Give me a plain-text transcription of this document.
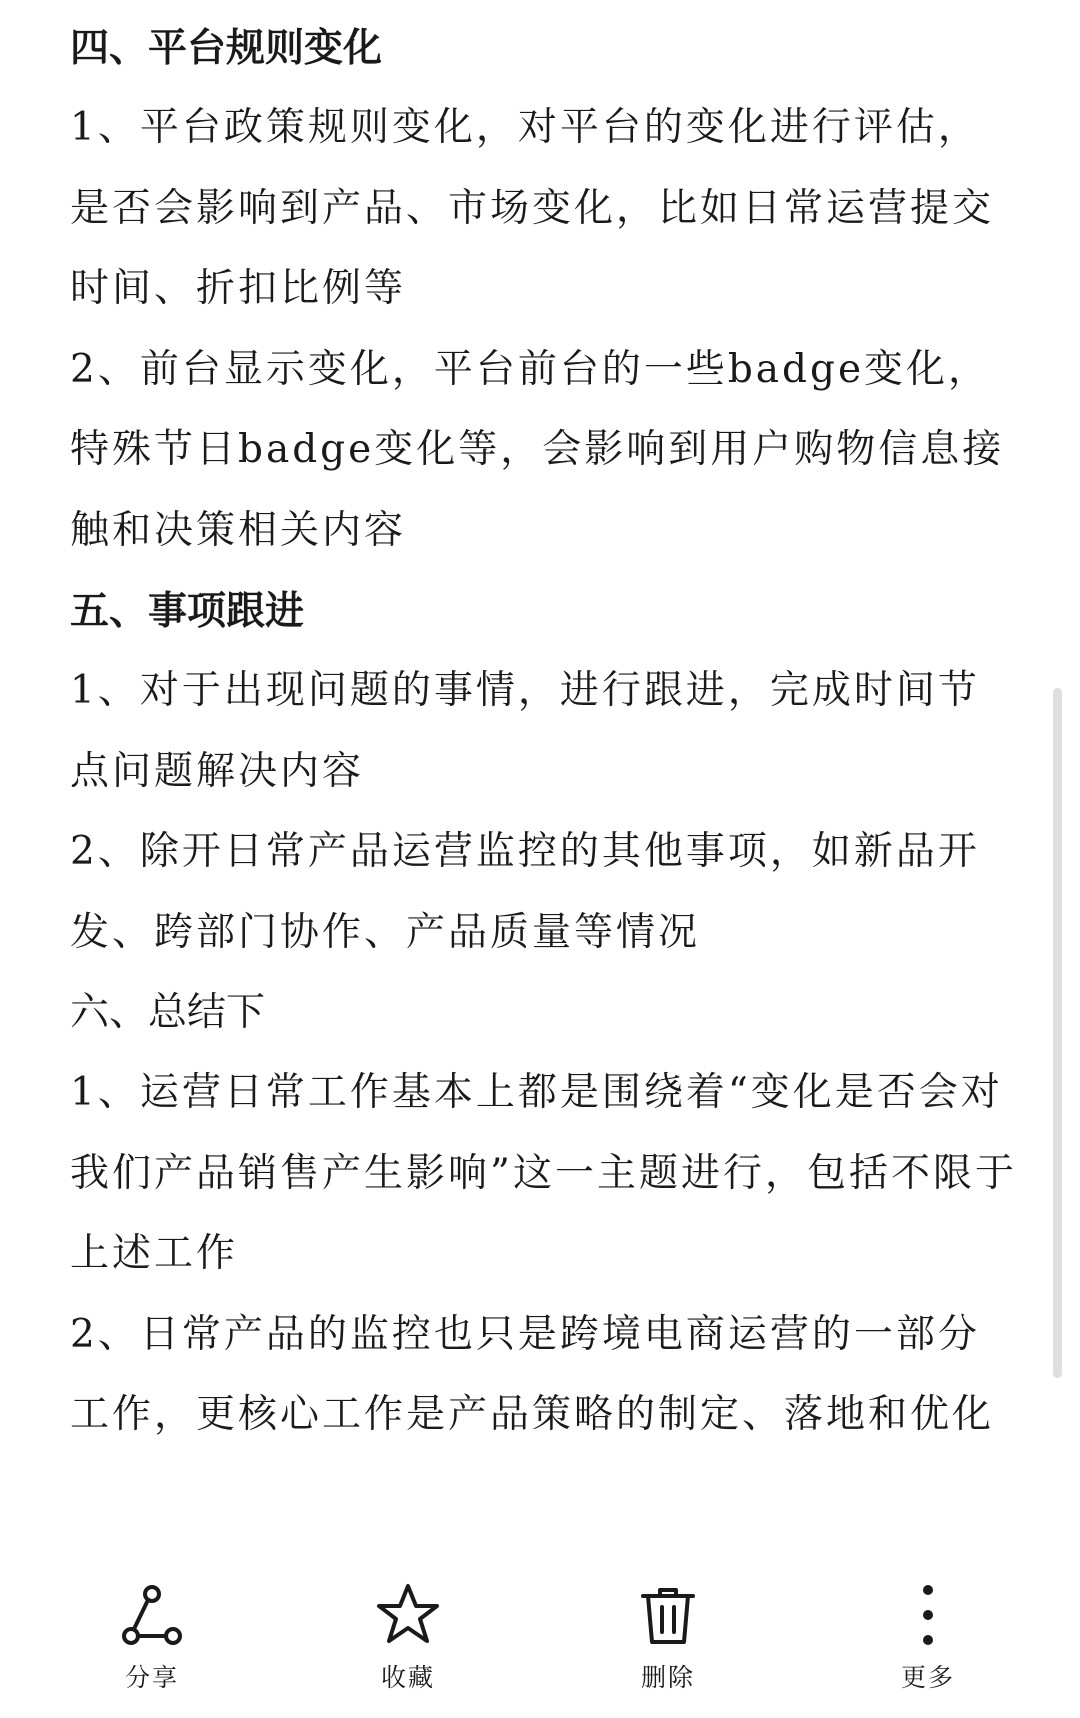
四、平台规则变化

1、平台政策规则变化，对平台的变化进行评估，是否会影响到产品、市场变化，比如日常运营提交时间、折扣比例等

2、前台显示变化，平台前台的一些badge变化，特殊节日badge变化等，会影响到用户购物信息接触和决策相关内容

五、事项跟进

1、对于出现问题的事情，进行跟进，完成时间节点问题解决内容

2、除开日常产品运营监控的其他事项，如新品开发、跨部门协作、产品质量等情况

六、总结下

1、运营日常工作基本上都是围绕着“变化是否会对我们产品销售产生影响”这一主题进行，包括不限于上述工作

2、日常产品的监控也只是跨境电商运营的一部分工作，更核心工作是产品策略的制定、落地和优化

分享	收藏	删除	更多
